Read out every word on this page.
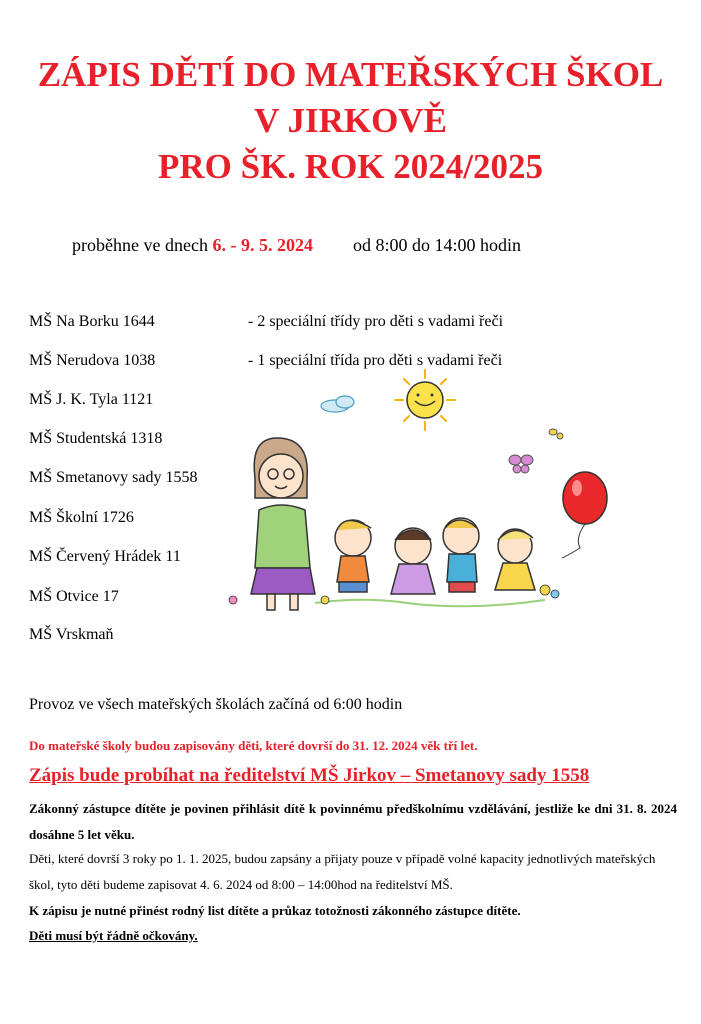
ZÁPIS DĚTÍ DO MATEŘSKÝCH ŠKOL
V JIRKOVĚ
PRO ŠK. ROK 2024/2025
proběhne ve dnech 6. - 9. 5. 2024 od 8:00 do 14:00 hodin
MŠ Na Borku 1644
MŠ Nerudova 1038
MŠ J. K. Tyla 1121
MŠ Studentská 1318
MŠ Smetanovy sady 1558
MŠ Školní 1726
MŠ Červený Hrádek 11
MŠ Otvice 17
MŠ Vrskmaň
- 2 speciální třídy pro děti s vadami řeči
- 1 speciální třída pro děti s vadami řeči
Provoz ve všech mateřských školách začíná od 6:00 hodin
Do mateřské školy budou zapisovány děti, které dovrší do 31. 12. 2024 věk tří let.
Zápis bude probíhat na ředitelství MŠ Jirkov – Smetanovy sady 1558
Zákonný zástupce dítěte je povinen přihlásit dítě k povinnému předškolnímu vzdělávání, jestliže ke dni 31. 8. 2024 dosáhne 5 let věku.
Děti, které dovrší 3 roky po 1. 1. 2025, budou zapsány a přijaty pouze v případě volné kapacity jednotlivých mateřských škol, tyto děti budeme zapisovat 4. 6. 2024 od 8:00 – 14:00hod na ředitelství MŠ.
K zápisu je nutné přinést rodný list dítěte a průkaz totožnosti zákonného zástupce dítěte.
Děti musí být řádně očkovány.
